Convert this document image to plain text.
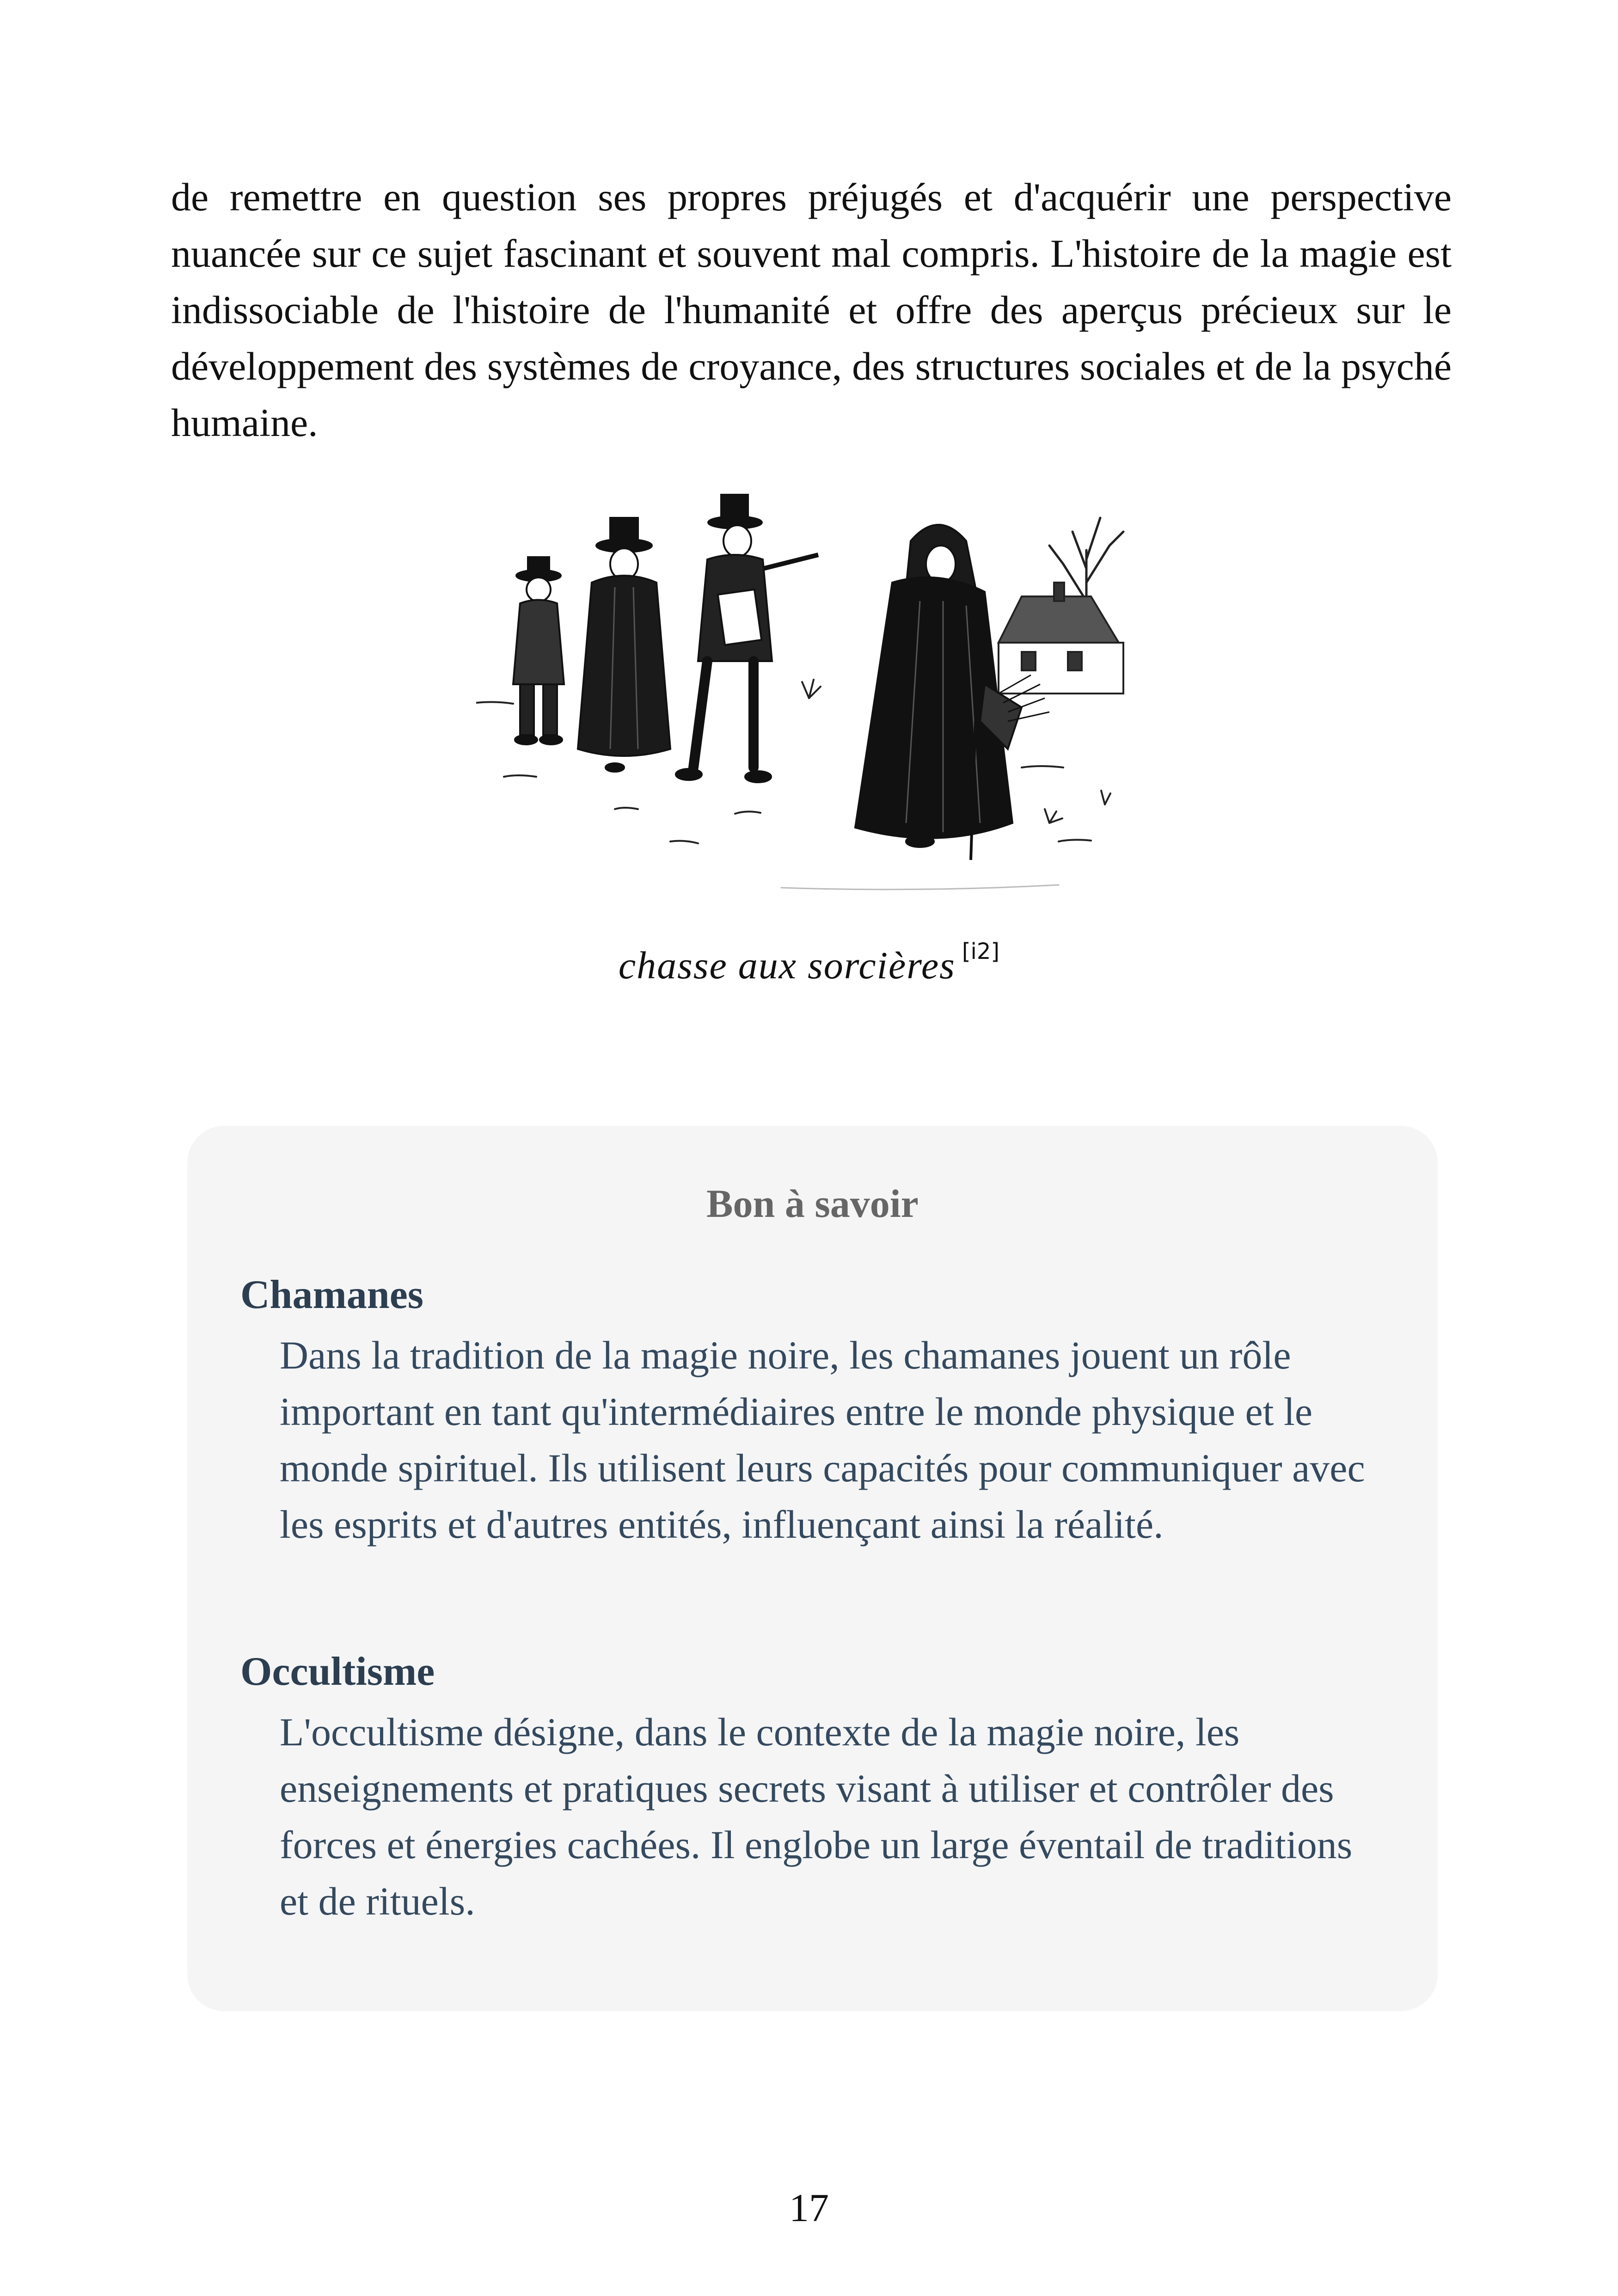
de remettre en question ses propres préjugés et d'acquérir une perspective nuancée sur ce sujet fascinant et souvent mal compris. L'histoire de la magie est indissociable de l'histoire de l'humanité et offre des aperçus précieux sur le développement des systèmes de croyance, des structures sociales et de la psyché humaine.

chasse aux sorcières [i2]

Bon à savoir

Chamanes

Dans la tradition de la magie noire, les chamanes jouent un rôle important en tant qu'intermédiaires entre le monde physique et le monde spirituel. Ils utilisent leurs capacités pour communiquer avec les esprits et d'autres entités, influençant ainsi la réalité.

Occultisme

L'occultisme désigne, dans le contexte de la magie noire, les enseignements et pratiques secrets visant à utiliser et contrôler des forces et énergies cachées. Il englobe un large éventail de traditions et de rituels.

17
